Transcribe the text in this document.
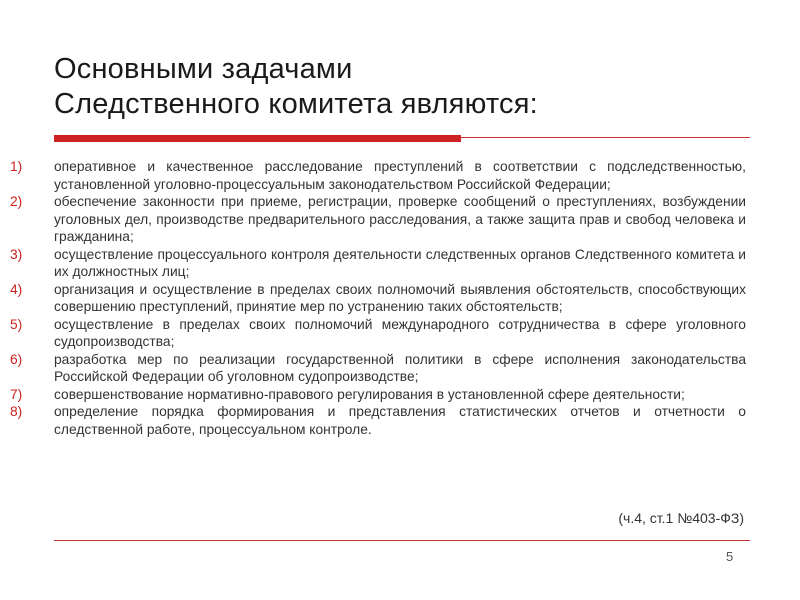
Основными задачами
Следственного комитета являются:
1)	оперативное и качественное расследование преступлений в соответствии с подследственностью, установленной уголовно-процессуальным законодательством Российской Федерации;
2)	обеспечение законности при приеме, регистрации, проверке сообщений о преступлениях, возбуждении уголовных дел, производстве предварительного расследования, а также защита прав и свобод человека и гражданина;
3)	осуществление процессуального контроля деятельности следственных органов Следственного комитета и их должностных лиц;
4)	организация и осуществление в пределах своих полномочий выявления обстоятельств, способствующих совершению преступлений, принятие мер по устранению таких обстоятельств;
5)	осуществление в пределах своих полномочий международного сотрудничества в сфере уголовного судопроизводства;
6)	разработка мер по реализации государственной политики в сфере исполнения законодательства Российской Федерации об уголовном судопроизводстве;
7)	совершенствование нормативно-правового регулирования в установленной сфере деятельности;
8)	определение порядка формирования и представления статистических отчетов и отчетности о следственной работе, процессуальном контроле.
(ч.4, ст.1 №403-ФЗ)
5
